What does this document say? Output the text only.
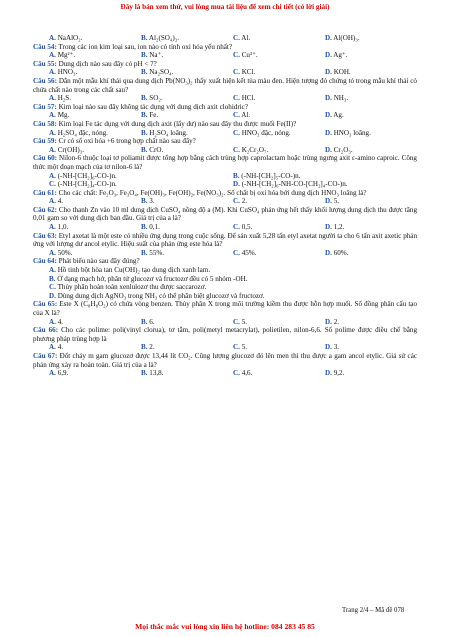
Đây là bản xem thử, vui lòng mua tài liệu để xem chi tiết (có lời giải)
A. NaAlO₂.	B. Al₂(SO₄)₃.	C. Al.	D. Al(OH)₃.
Câu 54: Trong các ion kim loại sau, ion nào có tính oxi hóa yếu nhất?
A. Mg²⁺.	B. Na⁺.	C. Cu²⁺.	D. Ag⁺.
Câu 55: Dung dịch nào sau đây có pH < 7?
A. HNO₃.	B. Na₂SO₄.	C. KCl.	D. KOH.
Câu 56: Dẫn một mẫu khí thải qua dung dịch Pb(NO₃)₂ thấy xuất hiện kết tủa màu đen. Hiện tượng đó chứng tỏ trong mẫu khí thải có chứa chất nào trong các chất sau?
A. H₂S.	B. SO₂.	C. HCl.	D. NH₃.
Câu 57: Kim loại nào sau đây không tác dụng với dung dịch axit clohidric?
A. Mg.	B. Fe.	C. Al.	D. Ag.
Câu 58: Kim loại Fe tác dụng với dung dịch axit (lấy dư) nào sau đây thu được muối Fe(II)?
A. H₂SO₄ đặc, nóng.	B. H₂SO₄ loãng.	C. HNO₃ đặc, nóng.	D. HNO₃ loãng.
Câu 59: Cr có số oxi hóa +6 trong hợp chất nào sau đây?
A. Cr(OH)₃.	B. CrO.	C. K₂Cr₂O₇.	D. Cr₂O₃.
Câu 60: Nilon-6 thuộc loại tơ poliamit được tổng hợp bằng cách trùng hợp caprolactam hoặc trùng ngưng axit ε-amino caproic. Công thức một đoạn mạch của tơ nilon-6 là?
A. (-NH-[CH₂]₆-CO-)n.	B. (-NH-[CH₂]₅-CO-)n.
C. (-NH-[CH₂]₄-CO-)n.	D. (-NH-[CH₂]₆-NH-CO-[CH₂]₄-CO-)n.
Câu 61: Cho các chất: Fe₂O₃, Fe₃O₄, Fe(OH)₃, Fe(OH)₂, Fe(NO₃)₂. Số chất bị oxi hóa bởi dung dịch HNO₃ loãng là?
A. 4.	B. 3.	C. 2.	D. 5.
Câu 62: Cho thanh Zn vào 10 ml dung dịch CuSO₄ nồng độ a (M). Khi CuSO₄ phản ứng hết thấy khối lượng dung dịch thu được tăng 0,01 gam so với dung dịch ban đầu. Giá trị của a là?
A. 1,0.	B. 0,1.	C. 0,5.	D. 1,2.
Câu 63: Etyl axetat là một este có nhiều ứng dụng trong cuộc sống. Để sản xuất 5,28 tấn etyl axetat người ta cho 6 tấn axit axetic phản ứng với lượng dư ancol etylic. Hiệu suất của phản ứng este hóa là?
A. 50%.	B. 55%.	C. 45%.	D. 60%.
Câu 64: Phát biểu nào sau đây đúng?
A. Hồ tinh bột hòa tan Cu(OH)₂ tạo dung dịch xanh lam.
B. Ở dạng mạch hở, phân tử glucozơ và fructozơ đều có 5 nhóm -OH.
C. Thủy phân hoàn toàn xenlulozơ thu được saccarozơ.
D. Dùng dung dịch AgNO₃ trong NH₃ có thể phân biệt glucozơ và fructozơ.
Câu 65: Este X (C₈H₈O₂) có chứa vòng benzen. Thủy phân X trong môi trường kiềm thu được hỗn hợp muối. Số đồng phân cấu tạo của X là?
A. 4.	B. 6.	C. 5.	D. 2.
Câu 66: Cho các polime: poli(vinyl clorua), tơ tằm, poli(metyl metacrylat), polietilen, nilon-6,6. Số polime được điều chế bằng phương pháp trùng hợp là
A. 4.	B. 2.	C. 5.	D. 3.
Câu 67: Đốt cháy m gam glucozơ được 13,44 lít CO₂. Cũng lượng glucozơ đó lên men thì thu được a gam ancol etylic. Giả sử các phản ứng xảy ra hoàn toàn. Giá trị của a là?
A. 6,9.	B. 13,8.	C. 4,6.	D. 9,2.
Trang 2/4 – Mã đề 078
Mọi thắc mắc vui lòng xin liên hệ hotline: 084 283 45 85
